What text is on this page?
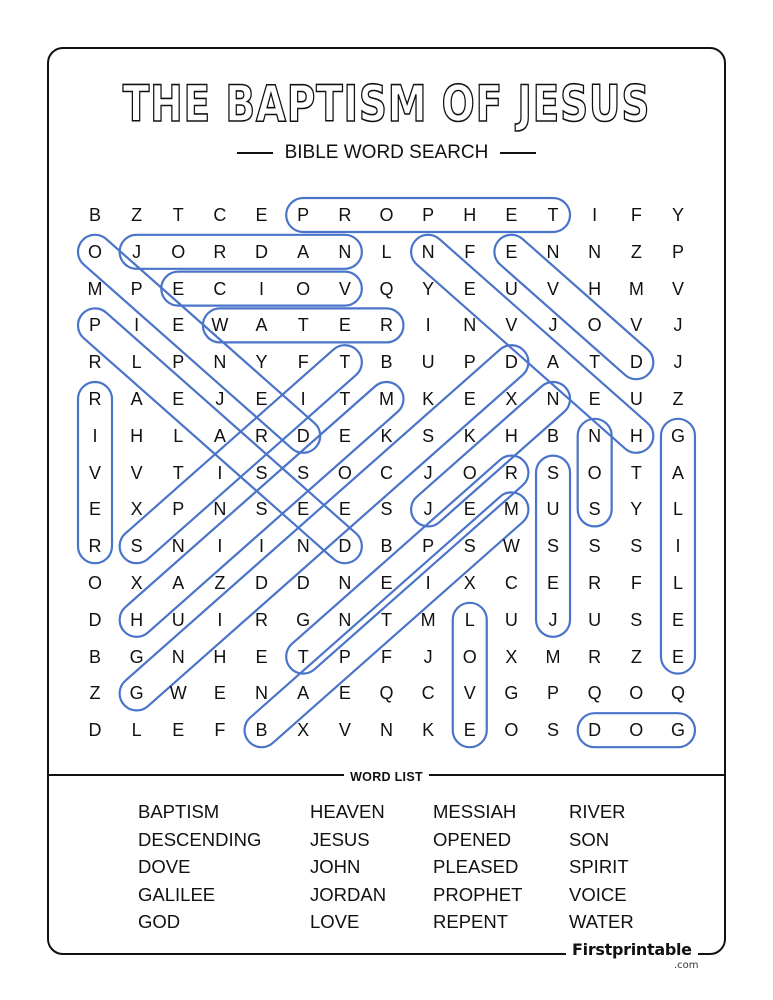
THE BAPTISM OF JESUS
BIBLE WORD SEARCH
B	Z	T	C	E	P	R	O	P	H	E	T	I	F	Y
O	J	O	R	D	A	N	L	N	F	E	N	N	Z	P
M	P	E	C	I	O	V	Q	Y	E	U	V	H	M	V
P	I	E	W	A	T	E	R	I	N	V	J	O	V	J
R	L	P	N	Y	F	T	B	U	P	D	A	T	D	J
R	A	E	J	E	I	T	M	K	E	X	N	E	U	Z
I	H	L	A	R	D	E	K	S	K	H	B	N	H	G
V	V	T	I	S	S	O	C	J	O	R	S	O	T	A
E	X	P	N	S	E	E	S	J	E	M	U	S	Y	L
R	S	N	I	I	N	D	B	P	S	W	S	S	S	I
O	X	A	Z	D	D	N	E	I	X	C	E	R	F	L
D	H	U	I	R	G	N	T	M	L	U	J	U	S	E
B	G	N	H	E	T	P	F	J	O	X	M	R	Z	E
Z	G	W	E	N	A	E	Q	C	V	G	P	Q	O	Q
D	L	E	F	B	X	V	N	K	E	O	S	D	O	G
WORD LIST
BAPTISM
DESCENDING
DOVE
GALILEE
GOD
HEAVEN
JESUS
JOHN
JORDAN
LOVE
MESSIAH
OPENED
PLEASED
PROPHET
REPENT
RIVER
SON
SPIRIT
VOICE
WATER
Firstprintable
.com
